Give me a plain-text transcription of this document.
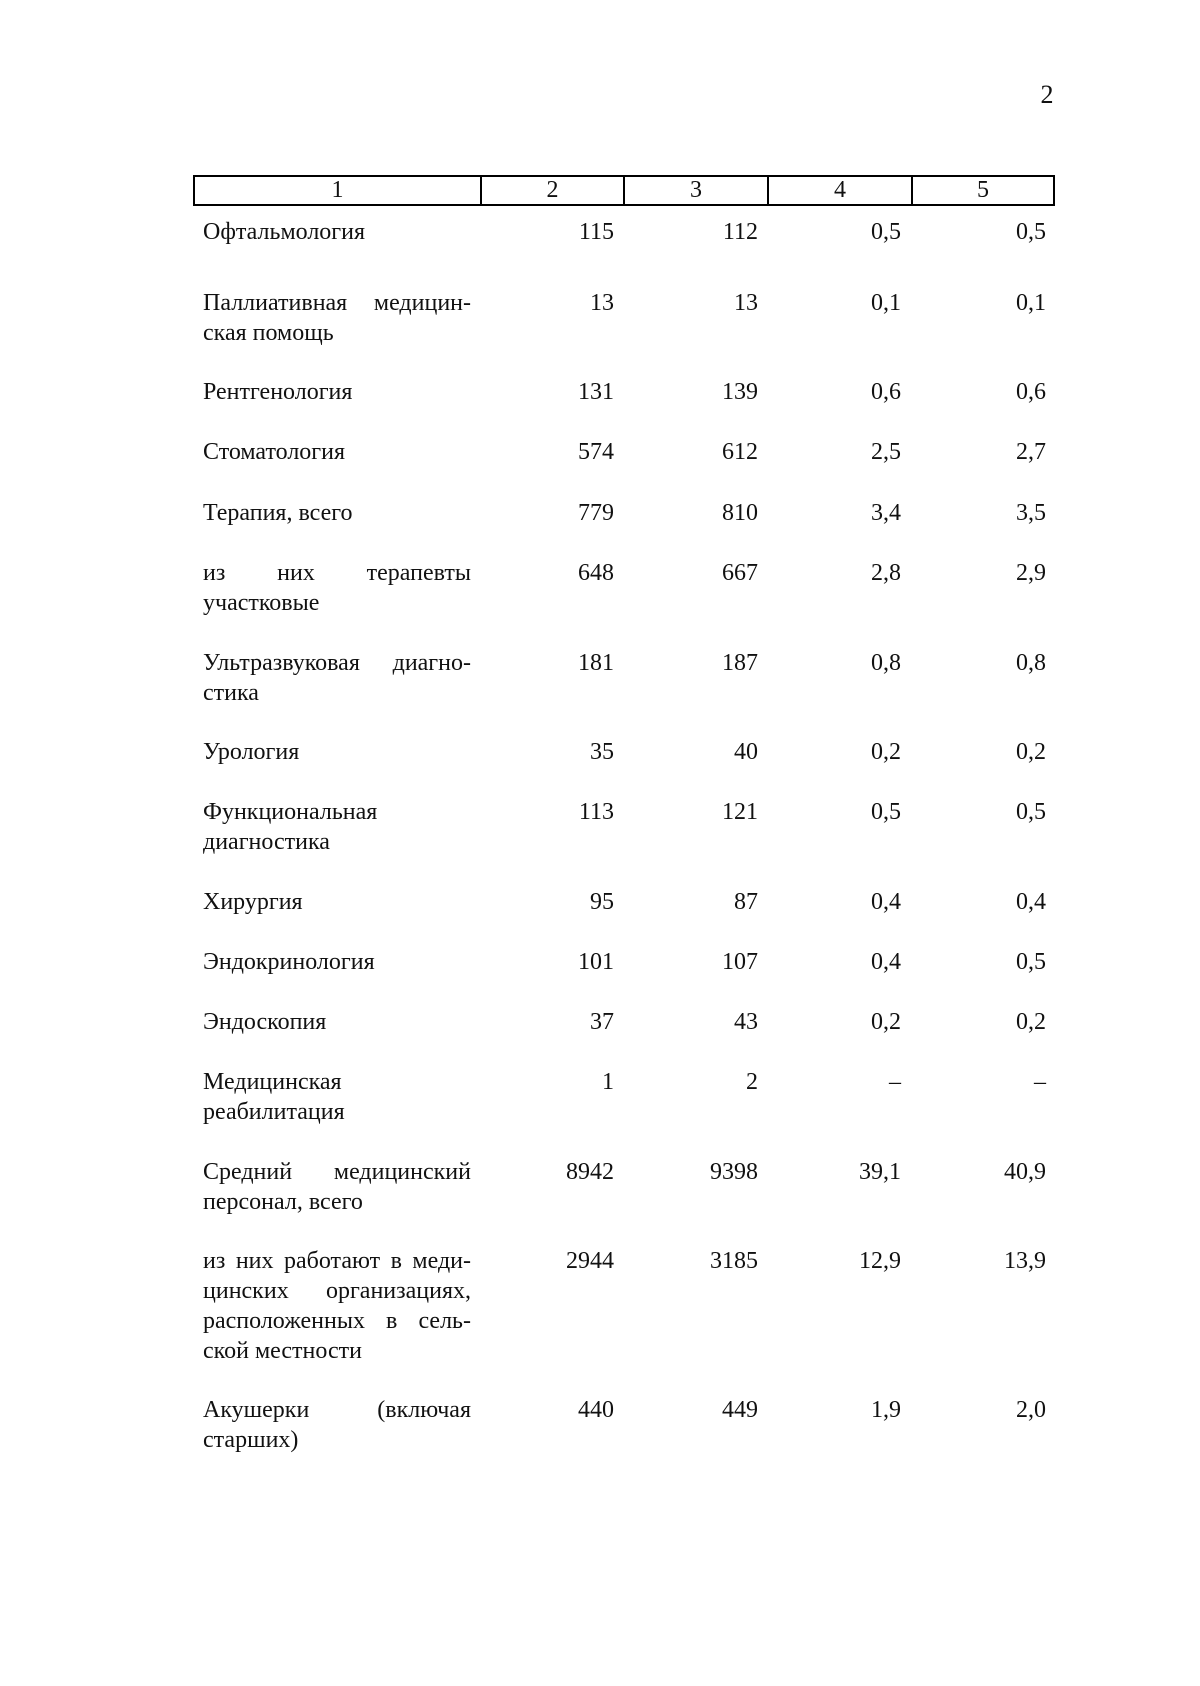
2
1	2	3	4	5
Офтальмология	115	112	0,5	0,5
Паллиативная медицин-
ская помощь
13	13	0,1	0,1
Рентгенология	131	139	0,6	0,6
Стоматология	574	612	2,5	2,7
Терапия, всего	779	810	3,4	3,5
из них терапевты
участковые
648	667	2,8	2,9
Ультразвуковая диагно-
стика
181	187	0,8	0,8
Урология	35	40	0,2	0,2
Функциональная
диагностика
113	121	0,5	0,5
Хирургия	95	87	0,4	0,4
Эндокринология	101	107	0,4	0,5
Эндоскопия	37	43	0,2	0,2
Медицинская
реабилитация
1	2	–	–
Средний медицинский
персонал, всего
8942	9398	39,1	40,9
из них работают в меди-
цинских организациях,
расположенных в сель-
ской местности
2944	3185	12,9	13,9
Акушерки (включая
старших)
440	449	1,9	2,0
